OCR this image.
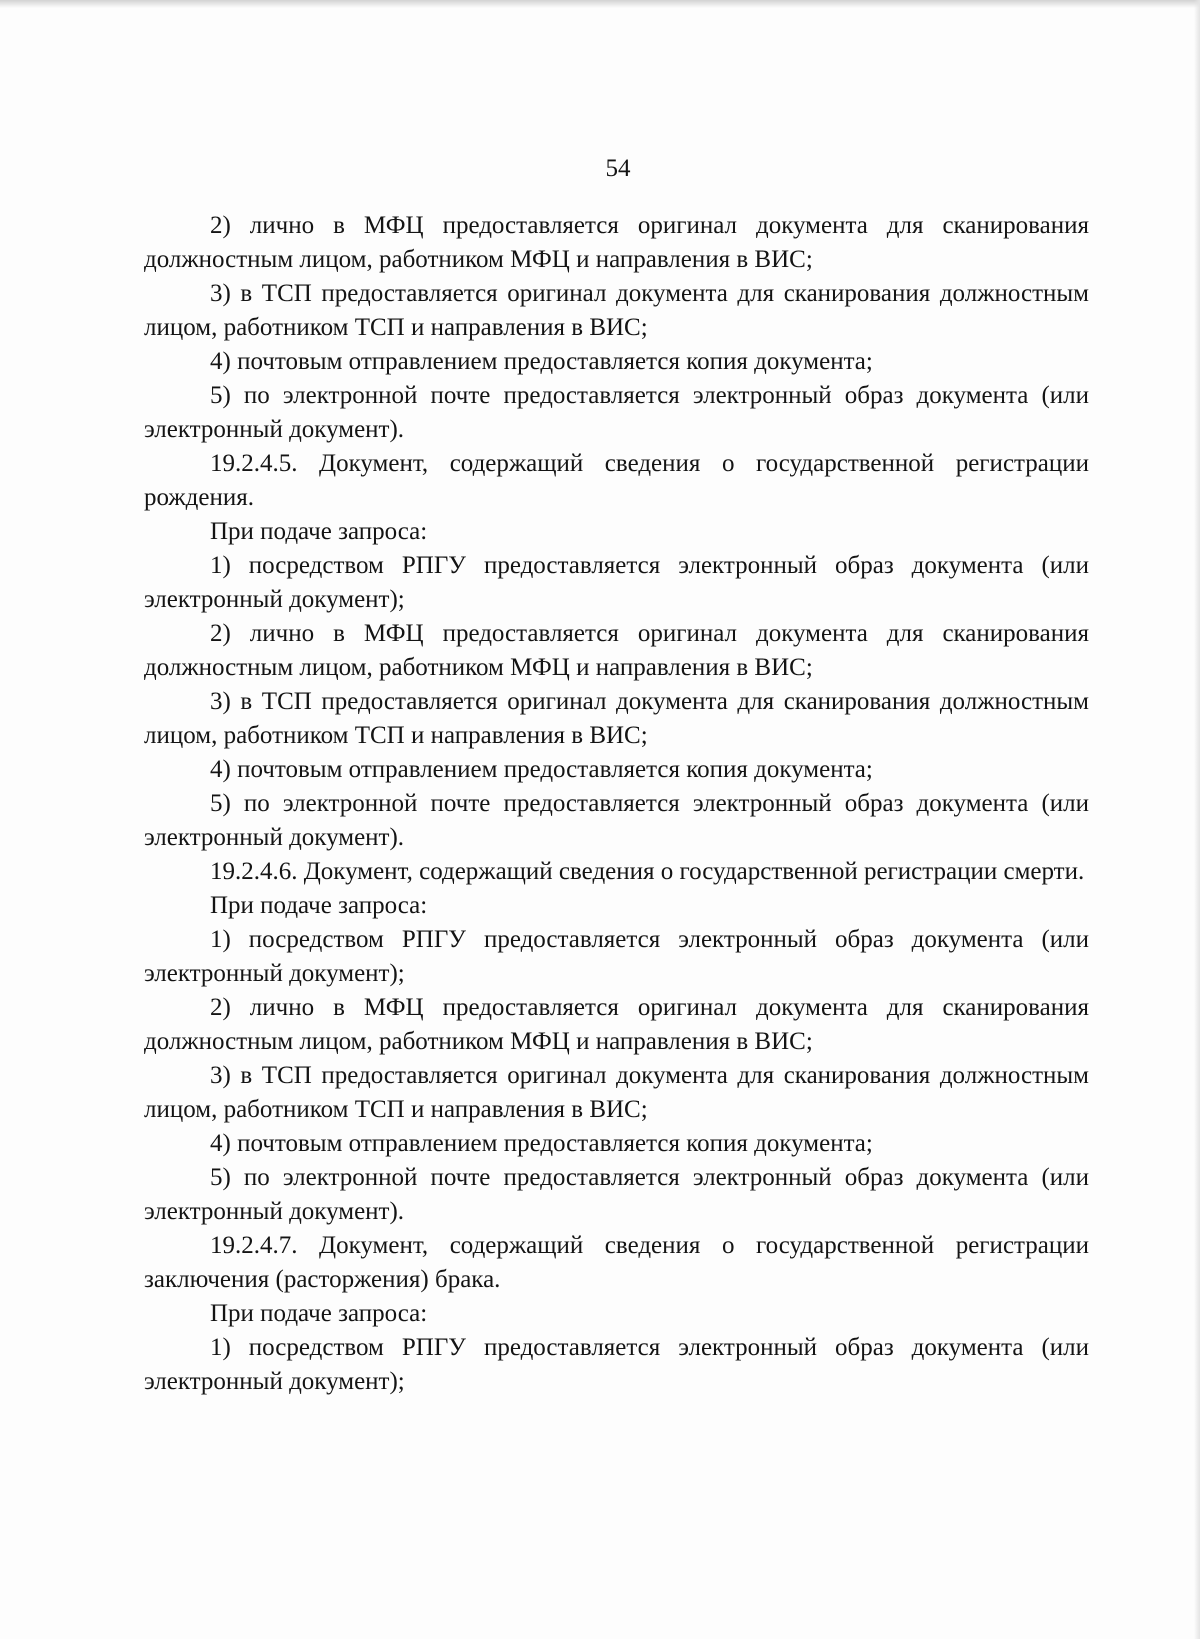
54

2) лично в МФЦ предоставляется оригинал документа для сканирования должностным лицом, работником МФЦ и направления в ВИС;

3) в ТСП предоставляется оригинал документа для сканирования должностным лицом, работником ТСП и направления в ВИС;

4) почтовым отправлением предоставляется копия документа;

5) по электронной почте предоставляется электронный образ документа (или электронный документ).

19.2.4.5. Документ, содержащий сведения о государственной регистрации рождения.

При подаче запроса:

1) посредством РПГУ предоставляется электронный образ документа (или электронный документ);

2) лично в МФЦ предоставляется оригинал документа для сканирования должностным лицом, работником МФЦ и направления в ВИС;

3) в ТСП предоставляется оригинал документа для сканирования должностным лицом, работником ТСП и направления в ВИС;

4) почтовым отправлением предоставляется копия документа;

5) по электронной почте предоставляется электронный образ документа (или электронный документ).

19.2.4.6. Документ, содержащий сведения о государственной регистрации смерти.

При подаче запроса:

1) посредством РПГУ предоставляется электронный образ документа (или электронный документ);

2) лично в МФЦ предоставляется оригинал документа для сканирования должностным лицом, работником МФЦ и направления в ВИС;

3) в ТСП предоставляется оригинал документа для сканирования должностным лицом, работником ТСП и направления в ВИС;

4) почтовым отправлением предоставляется копия документа;

5) по электронной почте предоставляется электронный образ документа (или электронный документ).

19.2.4.7. Документ, содержащий сведения о государственной регистрации заключения (расторжения) брака.

При подаче запроса:

1) посредством РПГУ предоставляется электронный образ документа (или электронный документ);
